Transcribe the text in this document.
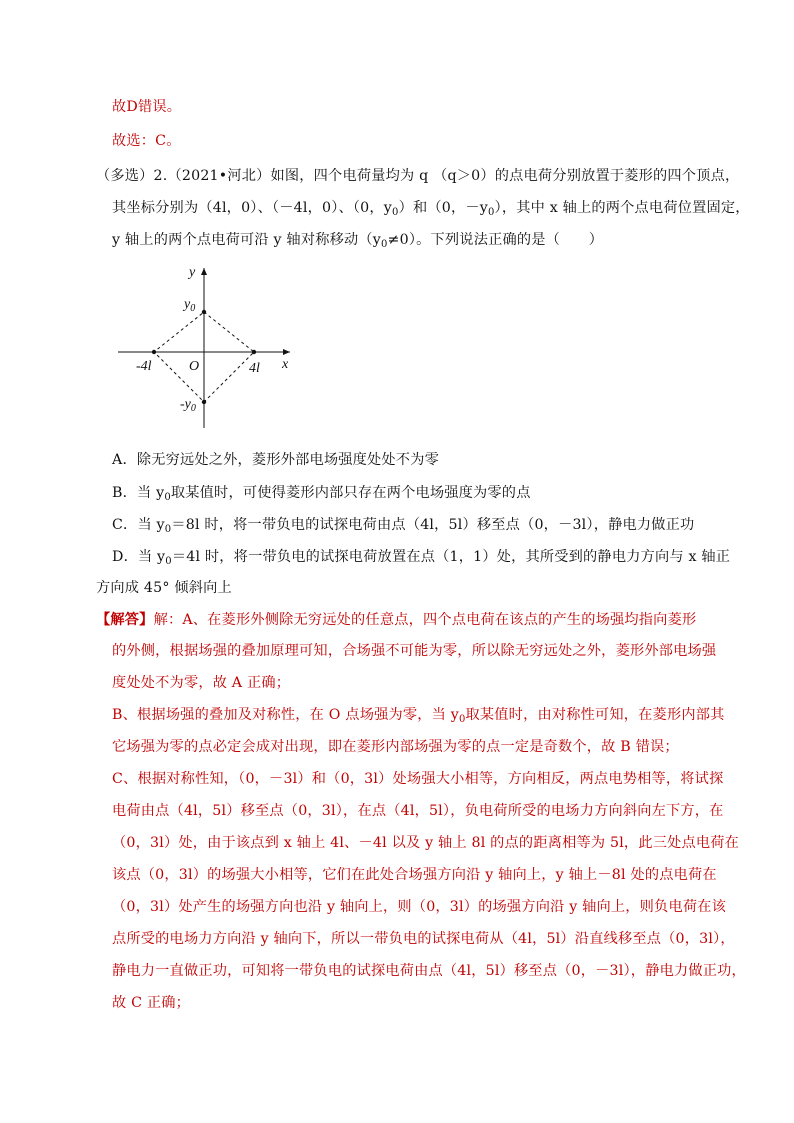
故D错误。
故选：C。
（多选）2.（2021•河北）如图，四个电荷量均为 q （q＞0）的点电荷分别放置于菱形的四个顶点，
其坐标分别为（4l，0）、（－4l，0）、（0，$y_0$）和（0，$-y_0$），其中 x 轴上的两个点电荷位置固定，
y 轴上的两个点电荷可沿 y 轴对称移动$(y_0\ne 0)$。下列说法正确的是（　　）
y
x
O
$y_0$
$-y_0$
-4l	4l
A．除无穷远处之外，菱形外部电场强度处处不为零
B．当 $y_0$取某值时，可使得菱形内部只存在两个电场强度为零的点
C．当 $y_0=8l$ 时，将一带负电的试探电荷由点（4l，5l）移至点（0，－3l），静电力做正功
D．当 $y_0=4l$ 时，将一带负电的试探电荷放置在点（1，1）处，其所受到的静电力方向与 x 轴正
方向成 45° 倾斜向上
【解答】解：A、在菱形外侧除无穷远处的任意点，四个点电荷在该点的产生的场强均指向菱形
的外侧，根据场强的叠加原理可知，合场强不可能为零，所以除无穷远处之外，菱形外部电场强
度处处不为零，故 A 正确；
B、根据场强的叠加及对称性，在 O 点场强为零，当 $y_0$取某值时，由对称性可知，在菱形内部其
它场强为零的点必定会成对出现，即在菱形内部场强为零的点一定是奇数个，故 B 错误；
C、根据对称性知，（0，－3l）和（0，3l）处场强大小相等，方向相反，两点电势相等，将试探
电荷由点（4l，5l）移至点（0，3l），在点（4l，5l），负电荷所受的电场力方向斜向左下方，在
（0，3l）处，由于该点到 x 轴上 4l、－4l 以及 y 轴上 8l 的点的距离相等为 5l，此三处点电荷在
该点（0，3l）的场强大小相等，它们在此处合场强方向沿 y 轴向上，y 轴上－8l 处的点电荷在
（0，3l）处产生的场强方向也沿 y 轴向上，则（0，3l）的场强方向沿 y 轴向上，则负电荷在该
点所受的电场力方向沿 y 轴向下，所以一带负电的试探电荷从（4l，5l）沿直线移至点（0，3l），
静电力一直做正功，可知将一带负电的试探电荷由点（4l，5l）移至点（0，－3l），静电力做正功，
故 C 正确；
